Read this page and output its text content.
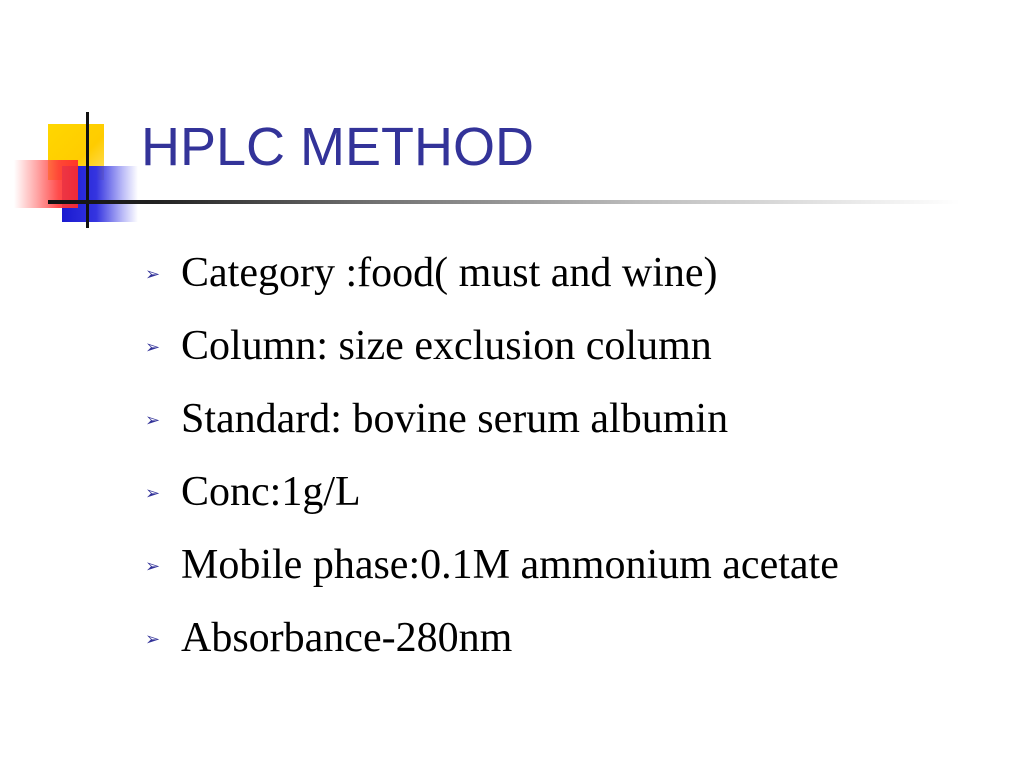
HPLC METHOD
➢ Category :food( must and wine)
➢ Column: size exclusion column
➢ Standard: bovine serum albumin
➢ Conc:1g/L
➢ Mobile phase:0.1M ammonium acetate
➢ Absorbance-280nm
